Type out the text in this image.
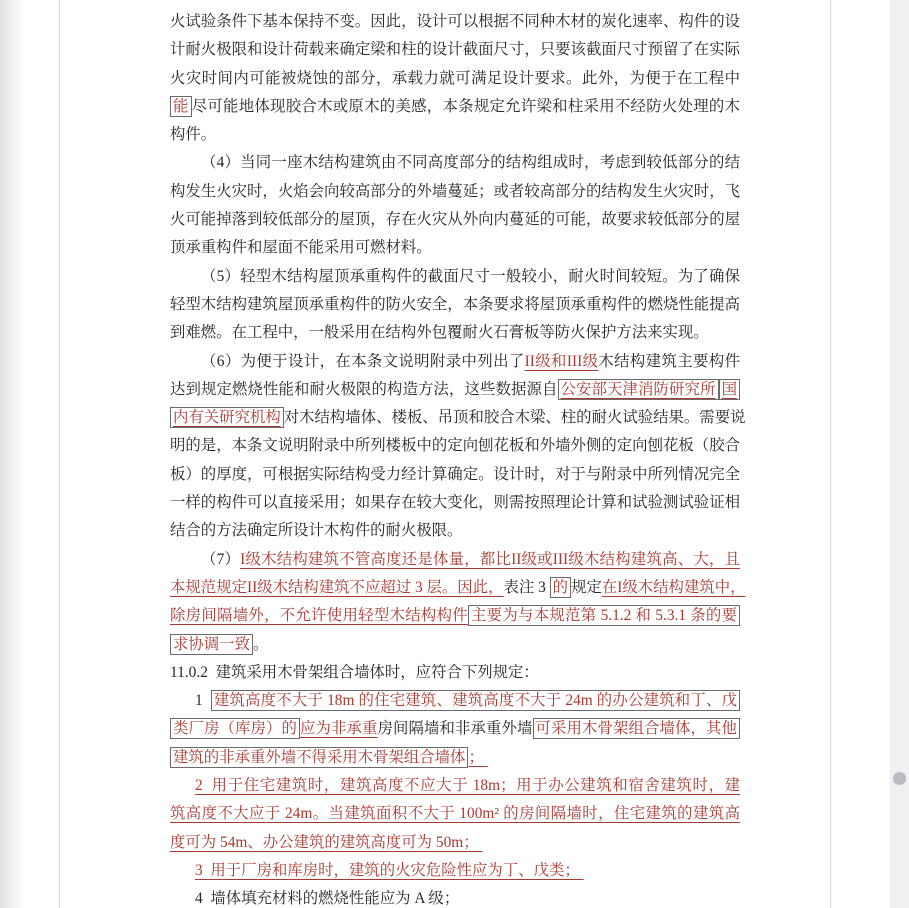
火试验条件下基本保持不变。因此，设计可以根据不同种木材的炭化速率、构件的设
计耐火极限和设计荷载来确定梁和柱的设计截面尺寸，只要该截面尺寸预留了在实际
火灾时间内可能被烧蚀的部分，承载力就可满足设计要求。此外，为便于在工程中
能 尽可能地体现胶合木或原木的美感，本条规定允许梁和柱采用不经防火处理的木
构件。
（4）当同一座木结构建筑由不同高度部分的结构组成时，考虑到较低部分的结
构发生火灾时，火焰会向较高部分的外墙蔓延；或者较高部分的结构发生火灾时，飞
火可能掉落到较低部分的屋顶，存在火灾从外向内蔓延的可能，故要求较低部分的屋
顶承重构件和屋面不能采用可燃材料。
（5）轻型木结构屋顶承重构件的截面尺寸一般较小，耐火时间较短。为了确保
轻型木结构建筑屋顶承重构件的防火安全，本条要求将屋顶承重构件的燃烧性能提高
到难燃。在工程中，一般采用在结构外包覆耐火石膏板等防火保护方法来实现。
（6）为便于设计，在本条文说明附录中列出了II级和III级木结构建筑主要构件
达到规定燃烧性能和耐火极限的构造方法，这些数据源自 公安部天津消防研究所 国
内有关研究机构 对木结构墙体、楼板、吊顶和胶合木梁、柱的耐火试验结果。需要说
明的是，本条文说明附录中所列楼板中的定向刨花板和外墙外侧的定向刨花板（胶合
板）的厚度，可根据实际结构受力经计算确定。设计时，对于与附录中所列情况完全
一样的构件可以直接采用；如果存在较大变化，则需按照理论计算和试验测试验证相
结合的方法确定所设计木构件的耐火极限。
（7）I级木结构建筑不管高度还是体量，都比II级或III级木结构建筑高、大，且
本规范规定II级木结构建筑不应超过 3 层。因此，表注 3 的 规定在I级木结构建筑中，
除房间隔墙外，不允许使用轻型木结构构件 主要为与本规范第 5.1.2 和 5.3.1 条的要
求协调一致 。
11.0.2  建筑采用木骨架组合墙体时，应符合下列规定：
1  建筑高度不大于 18m 的住宅建筑、建筑高度不大于 24m 的办公建筑和丁、戊
类厂房（库房）的 应为非承重房间隔墙和非承重外墙 可采用木骨架组合墙体，其他
建筑的非承重外墙不得采用木骨架组合墙体 ；
2  用于住宅建筑时，建筑高度不应大于 18m；用于办公建筑和宿舍建筑时，建
筑高度不大应于 24m。当建筑面积不大于 100m² 的房间隔墙时，住宅建筑的建筑高
度可为 54m、办公建筑的建筑高度可为 50m；
3  用于厂房和库房时，建筑的火灾危险性应为丁、戊类；
4  墙体填充材料的燃烧性能应为 A 级；
